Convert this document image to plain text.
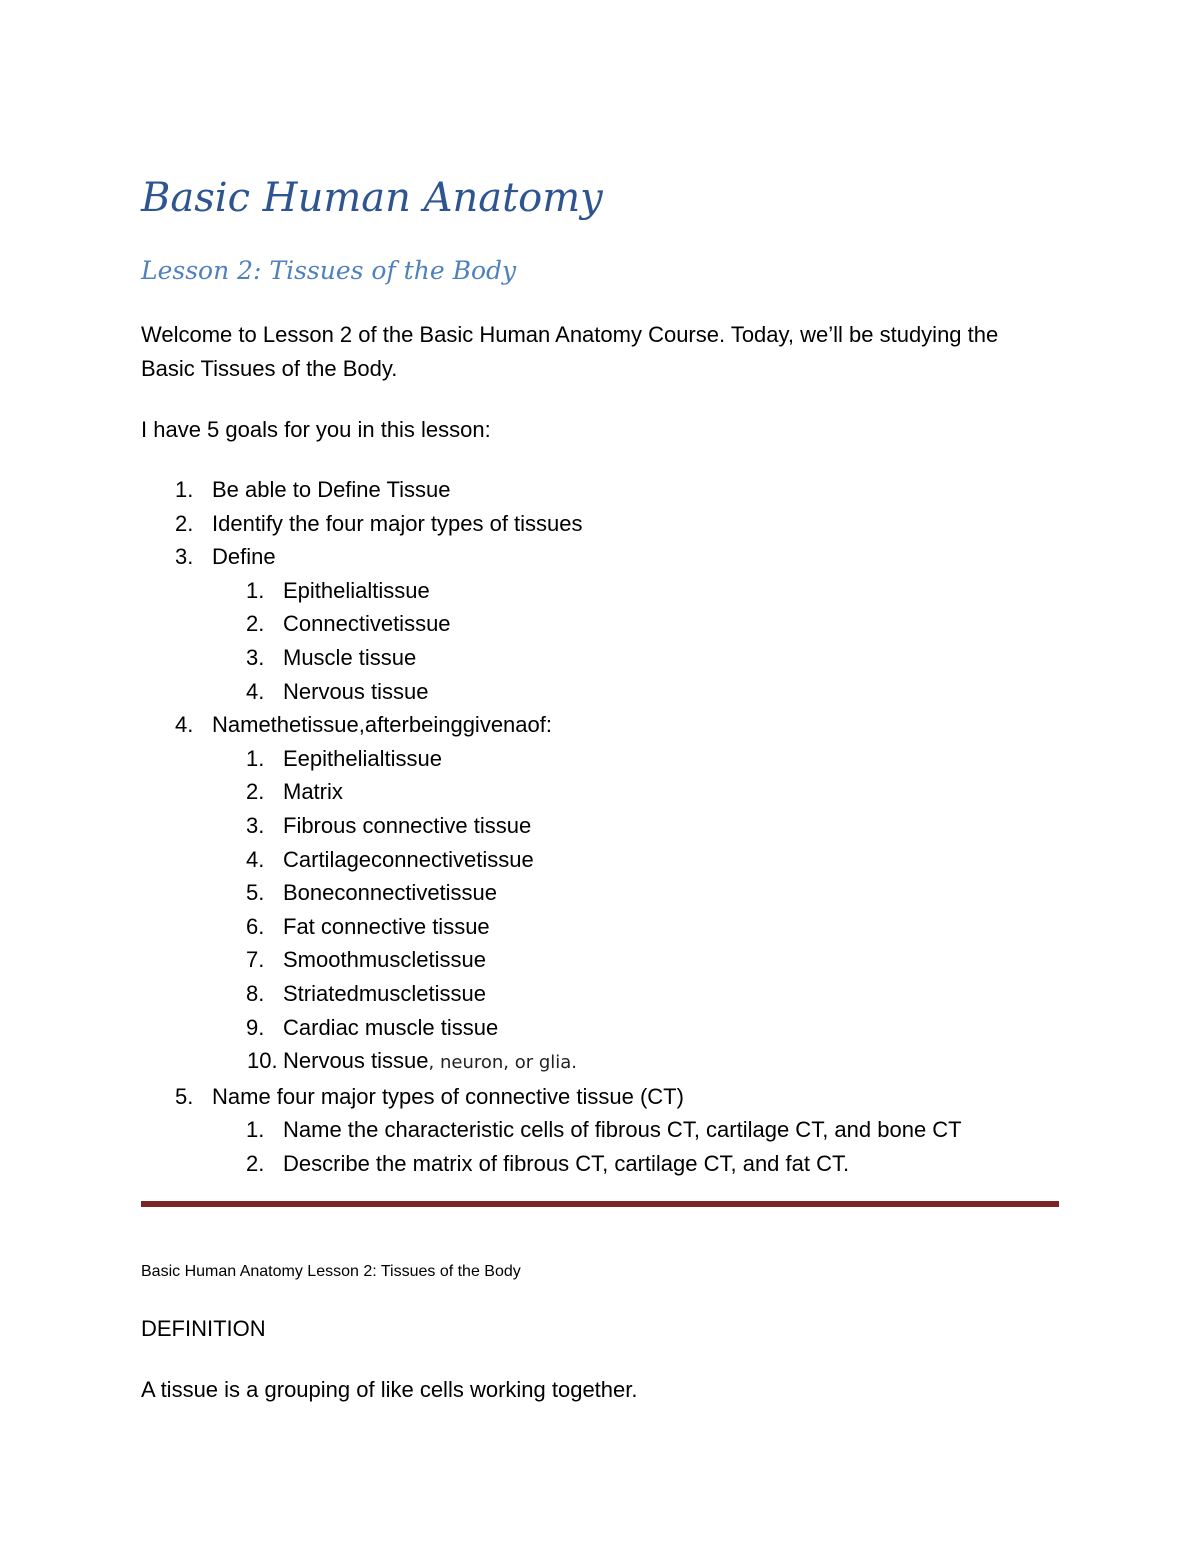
Basic Human Anatomy
Lesson 2: Tissues of the Body

Welcome to Lesson 2 of the Basic Human Anatomy Course. Today, we’ll be studying the Basic Tissues of the Body.

I have 5 goals for you in this lesson:

1. Be able to Define Tissue
2. Identify the four major types of tissues
3. Define
1. Epithelialtissue
2. Connectivetissue
3. Muscle tissue
4. Nervous tissue
4. Namethetissue,afterbeinggivenaof:
1. Eepithelialtissue
2. Matrix
3. Fibrous connective tissue
4. Cartilageconnectivetissue
5. Boneconnectivetissue
6. Fat connective tissue
7. Smoothmuscletissue
8. Striatedmuscletissue
9. Cardiac muscle tissue
10. Nervous tissue, neuron, or glia.
5. Name four major types of connective tissue (CT)
1. Name the characteristic cells of fibrous CT, cartilage CT, and bone CT
2. Describe the matrix of fibrous CT, cartilage CT, and fat CT.

Basic Human Anatomy Lesson 2: Tissues of the Body

DEFINITION

A tissue is a grouping of like cells working together.
